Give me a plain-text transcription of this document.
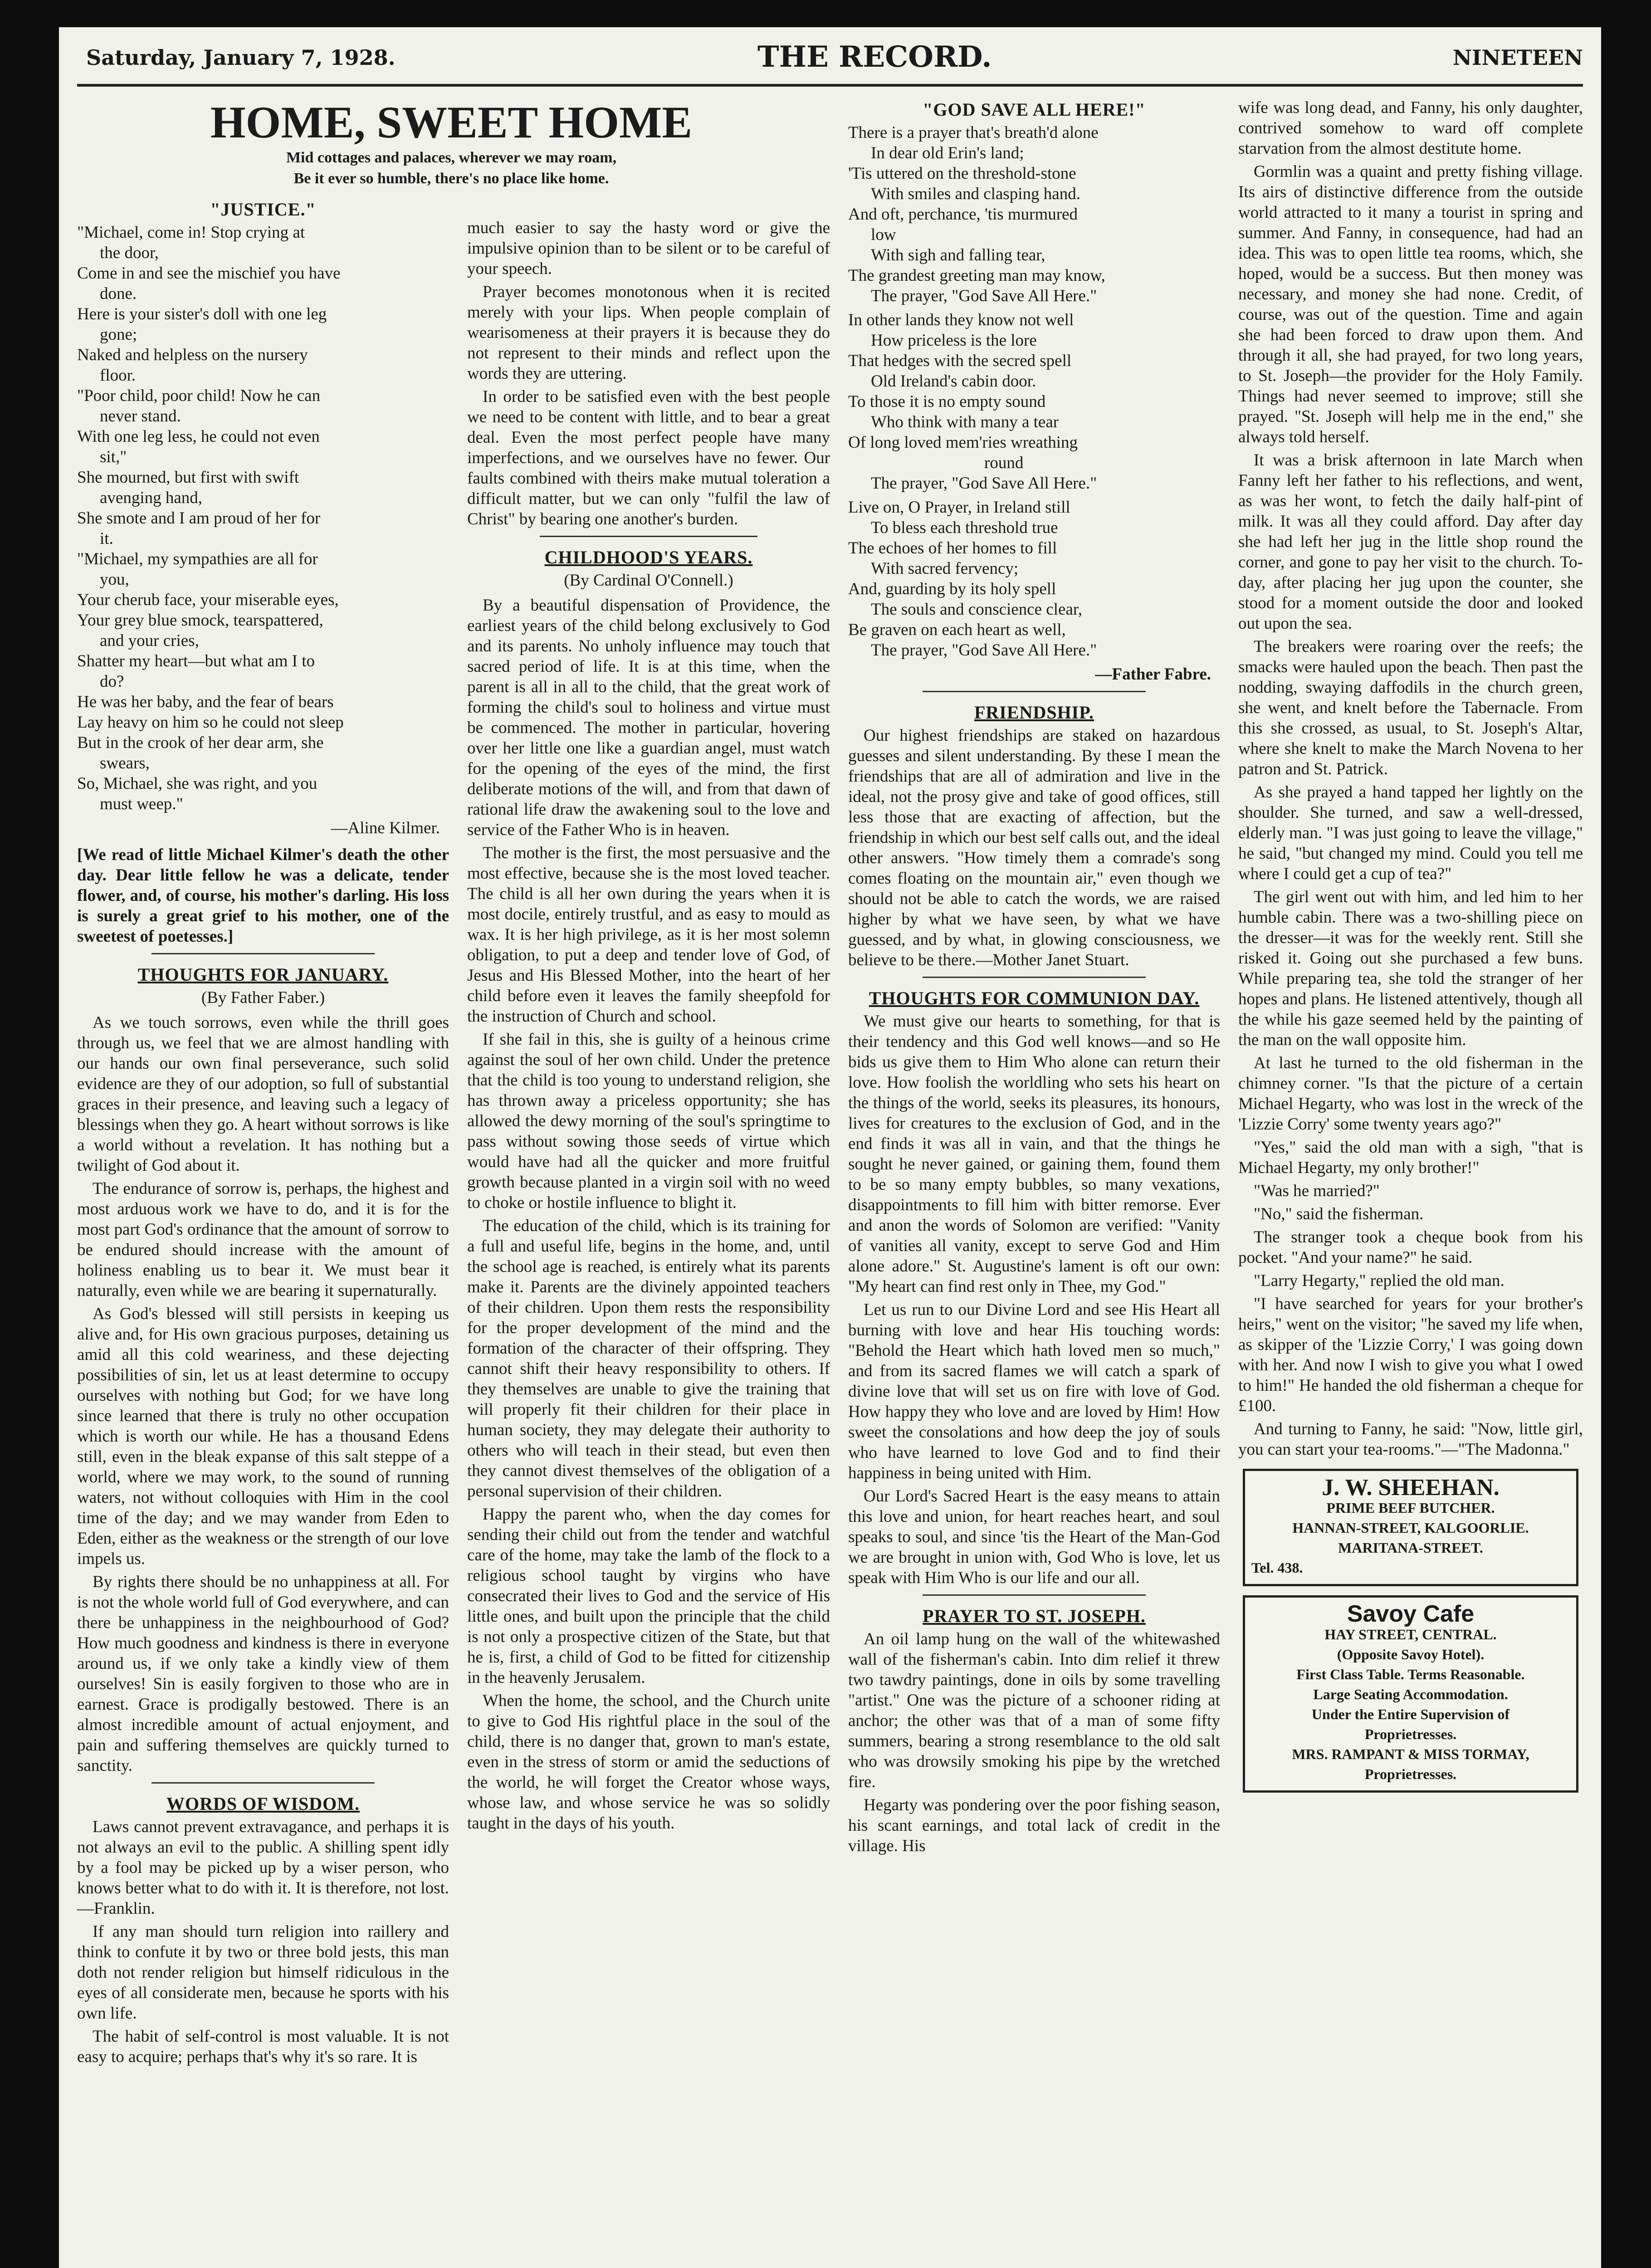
Saturday, January 7, 1928.	THE RECORD.	NINETEEN
HOME, SWEET HOME
Mid cottages and palaces, wherever we may roam,
Be it ever so humble, there's no place like home.
"JUSTICE."
"Michael, come in! Stop crying at
the door,
Come in and see the mischief you have
done.
Here is your sister's doll with one leg
gone;
Naked and helpless on the nursery
floor.
"Poor child, poor child! Now he can
never stand.
With one leg less, he could not even
sit,"
She mourned, but first with swift
avenging hand,
She smote and I am proud of her for
it.
"Michael, my sympathies are all for
you,
Your cherub face, your miserable eyes,
Your grey blue smock, tearspattered,
and your cries,
Shatter my heart—but what am I to
do?
He was her baby, and the fear of bears
Lay heavy on him so he could not sleep
But in the crook of her dear arm, she
swears,
So, Michael, she was right, and you
must weep."
—Aline Kilmer.

[We read of little Michael Kilmer's death the other day. Dear little fellow he was a delicate, tender flower, and, of course, his mother's darling. His loss is surely a great grief to his mother, one of the sweetest of poetesses.]

THOUGHTS FOR JANUARY.
(By Father Faber.)

As we touch sorrows, even while the thrill goes through us, we feel that we are almost handling with our hands our own final perseverance, such solid evidence are they of our adoption, so full of substantial graces in their presence, and leaving such a legacy of blessings when they go. A heart without sorrows is like a world without a revelation. It has nothing but a twilight of God about it.

The endurance of sorrow is, perhaps, the highest and most arduous work we have to do, and it is for the most part God's ordinance that the amount of sorrow to be endured should increase with the amount of holiness enabling us to bear it. We must bear it naturally, even while we are bearing it supernaturally.

As God's blessed will still persists in keeping us alive and, for His own gracious purposes, detaining us amid all this cold weariness, and these dejecting possibilities of sin, let us at least determine to occupy ourselves with nothing but God; for we have long since learned that there is truly no other occupation which is worth our while. He has a thousand Edens still, even in the bleak expanse of this salt steppe of a world, where we may work, to the sound of running waters, not without colloquies with Him in the cool time of the day; and we may wander from Eden to Eden, either as the weakness or the strength of our love impels us.

By rights there should be no unhappiness at all. For is not the whole world full of God everywhere, and can there be unhappiness in the neighbourhood of God? How much goodness and kindness is there in everyone around us, if we only take a kindly view of them ourselves! Sin is easily forgiven to those who are in earnest. Grace is prodigally bestowed. There is an almost incredible amount of actual enjoyment, and pain and suffering themselves are quickly turned to sanctity.

WORDS OF WISDOM.

Laws cannot prevent extravagance, and perhaps it is not always an evil to the public. A shilling spent idly by a fool may be picked up by a wiser person, who knows better what to do with it. It is therefore, not lost.—Franklin.

If any man should turn religion into raillery and think to confute it by two or three bold jests, this man doth not render religion but himself ridiculous in the eyes of all considerate men, because he sports with his own life.

The habit of self-control is most valuable. It is not easy to acquire; perhaps that's why it's so rare. It is

much easier to say the hasty word or give the impulsive opinion than to be silent or to be careful of your speech.

Prayer becomes monotonous when it is recited merely with your lips. When people complain of wearisomeness at their prayers it is because they do not represent to their minds and reflect upon the words they are uttering.

In order to be satisfied even with the best people we need to be content with little, and to bear a great deal. Even the most perfect people have many imperfections, and we ourselves have no fewer. Our faults combined with theirs make mutual toleration a difficult matter, but we can only "fulfil the law of Christ" by bearing one another's burden.

CHILDHOOD'S YEARS.
(By Cardinal O'Connell.)

By a beautiful dispensation of Providence, the earliest years of the child belong exclusively to God and its parents. No unholy influence may touch that sacred period of life. It is at this time, when the parent is all in all to the child, that the great work of forming the child's soul to holiness and virtue must be commenced. The mother in particular, hovering over her little one like a guardian angel, must watch for the opening of the eyes of the mind, the first deliberate motions of the will, and from that dawn of rational life draw the awakening soul to the love and service of the Father Who is in heaven.

The mother is the first, the most persuasive and the most effective, because she is the most loved teacher. The child is all her own during the years when it is most docile, entirely trustful, and as easy to mould as wax. It is her high privilege, as it is her most solemn obligation, to put a deep and tender love of God, of Jesus and His Blessed Mother, into the heart of her child before even it leaves the family sheepfold for the instruction of Church and school.

If she fail in this, she is guilty of a heinous crime against the soul of her own child. Under the pretence that the child is too young to understand religion, she has thrown away a priceless opportunity; she has allowed the dewy morning of the soul's springtime to pass without sowing those seeds of virtue which would have had all the quicker and more fruitful growth because planted in a virgin soil with no weed to choke or hostile influence to blight it.

The education of the child, which is its training for a full and useful life, begins in the home, and, until the school age is reached, is entirely what its parents make it. Parents are the divinely appointed teachers of their children. Upon them rests the responsibility for the proper development of the mind and the formation of the character of their offspring. They cannot shift their heavy responsibility to others. If they themselves are unable to give the training that will properly fit their children for their place in human society, they may delegate their authority to others who will teach in their stead, but even then they cannot divest themselves of the obligation of a personal supervision of their children.

Happy the parent who, when the day comes for sending their child out from the tender and watchful care of the home, may take the lamb of the flock to a religious school taught by virgins who have consecrated their lives to God and the service of His little ones, and built upon the principle that the child is not only a prospective citizen of the State, but that he is, first, a child of God to be fitted for citizenship in the heavenly Jerusalem.

When the home, the school, and the Church unite to give to God His rightful place in the soul of the child, there is no danger that, grown to man's estate, even in the stress of storm or amid the seductions of the world, he will forget the Creator whose ways, whose law, and whose service he was so solidly taught in the days of his youth.

"GOD SAVE ALL HERE!"
There is a prayer that's breath'd alone
In dear old Erin's land;
'Tis uttered on the threshold-stone
With smiles and clasping hand.
And oft, perchance, 'tis murmured
low
With sigh and falling tear,
The grandest greeting man may know,
The prayer, "God Save All Here."
In other lands they know not well
How priceless is the lore
That hedges with the secred spell
Old Ireland's cabin door.
To those it is no empty sound
Who think with many a tear
Of long loved mem'ries wreathing
round
The prayer, "God Save All Here."
Live on, O Prayer, in Ireland still
To bless each threshold true
The echoes of her homes to fill
With sacred fervency;
And, guarding by its holy spell
The souls and conscience clear,
Be graven on each heart as well,
The prayer, "God Save All Here."
—Father Fabre.
FRIENDSHIP.

Our highest friendships are staked on hazardous guesses and silent understanding. By these I mean the friendships that are all of admiration and live in the ideal, not the prosy give and take of good offices, still less those that are exacting of affection, but the friendship in which our best self calls out, and the ideal other answers. "How timely them a comrade's song comes floating on the mountain air," even though we should not be able to catch the words, we are raised higher by what we have seen, by what we have guessed, and by what, in glowing consciousness, we believe to be there.—Mother Janet Stuart.

THOUGHTS FOR COMMUNION DAY.

We must give our hearts to something, for that is their tendency and this God well knows—and so He bids us give them to Him Who alone can return their love. How foolish the worldling who sets his heart on the things of the world, seeks its pleasures, its honours, lives for creatures to the exclusion of God, and in the end finds it was all in vain, and that the things he sought he never gained, or gaining them, found them to be so many empty bubbles, so many vexations, disappointments to fill him with bitter remorse. Ever and anon the words of Solomon are verified: "Vanity of vanities all vanity, except to serve God and Him alone adore." St. Augustine's lament is oft our own: "My heart can find rest only in Thee, my God."

Let us run to our Divine Lord and see His Heart all burning with love and hear His touching words: "Behold the Heart which hath loved men so much," and from its sacred flames we will catch a spark of divine love that will set us on fire with love of God. How happy they who love and are loved by Him! How sweet the consolations and how deep the joy of souls who have learned to love God and to find their happiness in being united with Him.

Our Lord's Sacred Heart is the easy means to attain this love and union, for heart reaches heart, and soul speaks to soul, and since 'tis the Heart of the Man-God we are brought in union with, God Who is love, let us speak with Him Who is our life and our all.

PRAYER TO ST. JOSEPH.

An oil lamp hung on the wall of the whitewashed wall of the fisherman's cabin. Into dim relief it threw two tawdry paintings, done in oils by some travelling "artist." One was the picture of a schooner riding at anchor; the other was that of a man of some fifty summers, bearing a strong resemblance to the old salt who was drowsily smoking his pipe by the wretched fire.

Hegarty was pondering over the poor fishing season, his scant earnings, and total lack of credit in the village. His

wife was long dead, and Fanny, his only daughter, contrived somehow to ward off complete starvation from the almost destitute home.

Gormlin was a quaint and pretty fishing village. Its airs of distinctive difference from the outside world attracted to it many a tourist in spring and summer. And Fanny, in consequence, had had an idea. This was to open little tea rooms, which, she hoped, would be a success. But then money was necessary, and money she had none. Credit, of course, was out of the question. Time and again she had been forced to draw upon them. And through it all, she had prayed, for two long years, to St. Joseph—the provider for the Holy Family. Things had never seemed to improve; still she prayed. "St. Joseph will help me in the end," she always told herself.

It was a brisk afternoon in late March when Fanny left her father to his reflections, and went, as was her wont, to fetch the daily half-pint of milk. It was all they could afford. Day after day she had left her jug in the little shop round the corner, and gone to pay her visit to the church. To-day, after placing her jug upon the counter, she stood for a moment outside the door and looked out upon the sea.

The breakers were roaring over the reefs; the smacks were hauled upon the beach. Then past the nodding, swaying daffodils in the church green, she went, and knelt before the Tabernacle. From this she crossed, as usual, to St. Joseph's Altar, where she knelt to make the March Novena to her patron and St. Patrick.

As she prayed a hand tapped her lightly on the shoulder. She turned, and saw a well-dressed, elderly man. "I was just going to leave the village," he said, "but changed my mind. Could you tell me where I could get a cup of tea?"

The girl went out with him, and led him to her humble cabin. There was a two-shilling piece on the dresser—it was for the weekly rent. Still she risked it. Going out she purchased a few buns. While preparing tea, she told the stranger of her hopes and plans. He listened attentively, though all the while his gaze seemed held by the painting of the man on the wall opposite him.

At last he turned to the old fisherman in the chimney corner. "Is that the picture of a certain Michael Hegarty, who was lost in the wreck of the 'Lizzie Corry' some twenty years ago?"

"Yes," said the old man with a sigh, "that is Michael Hegarty, my only brother!"

"Was he married?"

"No," said the fisherman.

The stranger took a cheque book from his pocket. "And your name?" he said.

"Larry Hegarty," replied the old man.

"I have searched for years for your brother's heirs," went on the visitor; "he saved my life when, as skipper of the 'Lizzie Corry,' I was going down with her. And now I wish to give you what I owed to him!" He handed the old fisherman a cheque for £100.

And turning to Fanny, he said: "Now, little girl, you can start your tea-rooms."—"The Madonna."

J. W. SHEEHAN.
PRIME BEEF BUTCHER.
HANNAN-STREET, KALGOORLIE.
MARITANA-STREET.
Tel. 438.
Savoy Cafe
HAY STREET, CENTRAL.
(Opposite Savoy Hotel).
First Class Table. Terms Reasonable.
Large Seating Accommodation.
Under the Entire Supervision of
Proprietresses.
MRS. RAMPANT & MISS TORMAY,
Proprietresses.
